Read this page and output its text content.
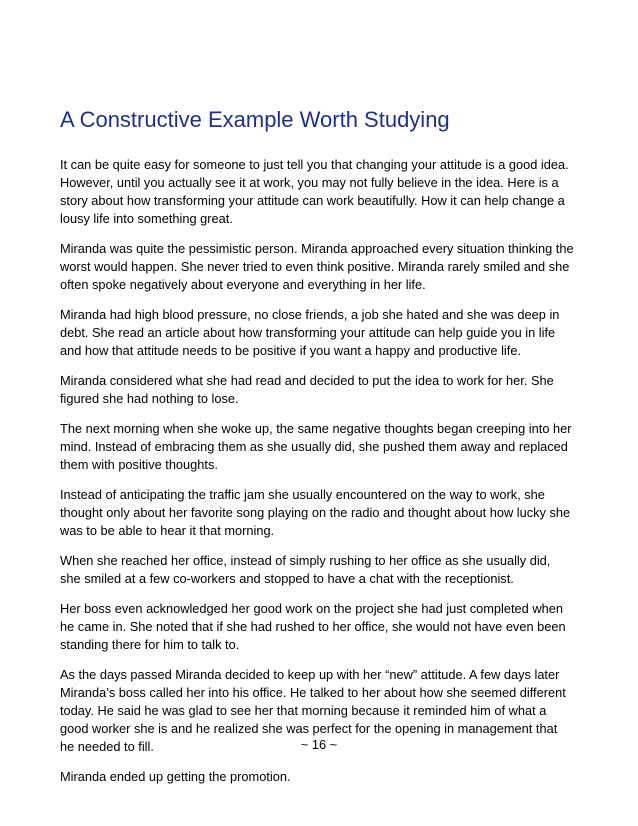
A Constructive Example Worth Studying

It can be quite easy for someone to just tell you that changing your attitude is a good idea. However, until you actually see it at work, you may not fully believe in the idea. Here is a story about how transforming your attitude can work beautifully. How it can help change a lousy life into something great.

Miranda was quite the pessimistic person. Miranda approached every situation thinking the worst would happen. She never tried to even think positive. Miranda rarely smiled and she often spoke negatively about everyone and everything in her life.

Miranda had high blood pressure, no close friends, a job she hated and she was deep in debt. She read an article about how transforming your attitude can help guide you in life and how that attitude needs to be positive if you want a happy and productive life.

Miranda considered what she had read and decided to put the idea to work for her. She figured she had nothing to lose.

The next morning when she woke up, the same negative thoughts began creeping into her mind. Instead of embracing them as she usually did, she pushed them away and replaced them with positive thoughts.

Instead of anticipating the traffic jam she usually encountered on the way to work, she thought only about her favorite song playing on the radio and thought about how lucky she was to be able to hear it that morning.

When she reached her office, instead of simply rushing to her office as she usually did, she smiled at a few co-workers and stopped to have a chat with the receptionist.

Her boss even acknowledged her good work on the project she had just completed when he came in. She noted that if she had rushed to her office, she would not have even been standing there for him to talk to.

As the days passed Miranda decided to keep up with her “new” attitude. A few days later Miranda’s boss called her into his office. He talked to her about how she seemed different today. He said he was glad to see her that morning because it reminded him of what a good worker she is and he realized she was perfect for the opening in management that he needed to fill.

Miranda ended up getting the promotion.

~ 16 ~
